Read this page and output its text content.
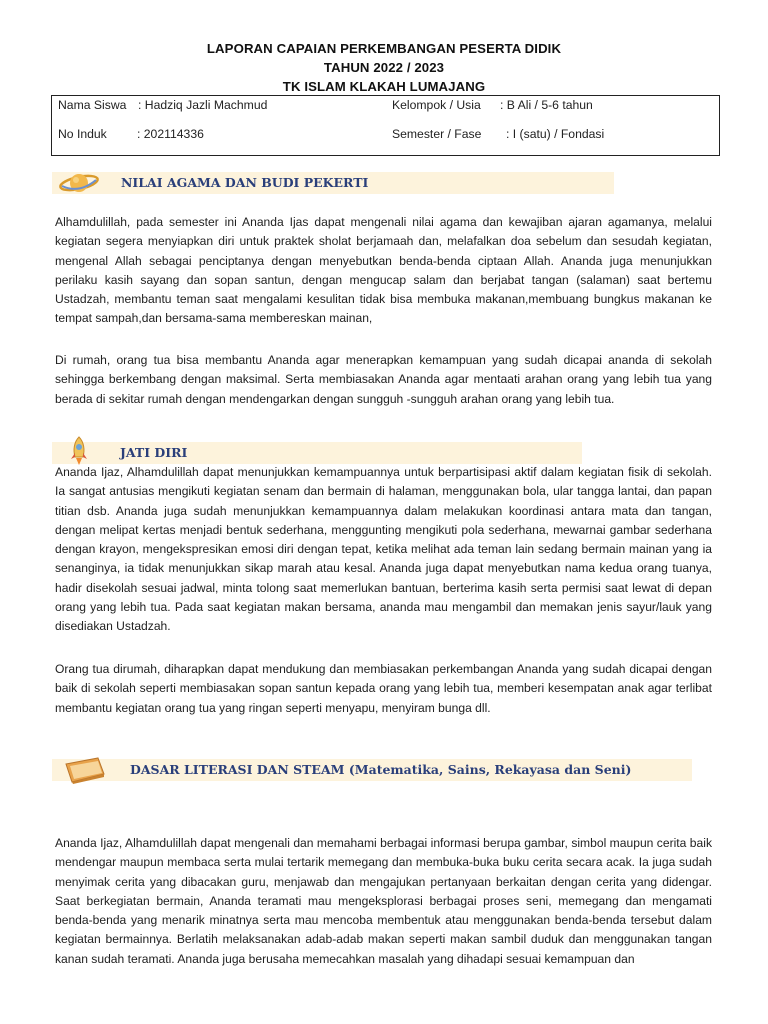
LAPORAN CAPAIAN PERKEMBANGAN PESERTA DIDIK
TAHUN 2022 / 2023
TK ISLAM KLAKAH LUMAJANG
Nama Siswa : Hadziq Jazli Machmud
No Induk : 202114336
Kelompok / Usia : B Ali / 5-6 tahun
Semester / Fase : I (satu) / Fondasi
NILAI AGAMA DAN BUDI PEKERTI

Alhamdulillah, pada semester ini Ananda Ijas dapat mengenali nilai agama dan kewajiban ajaran agamanya, melalui kegiatan segera menyiapkan diri untuk praktek sholat berjamaah dan, melafalkan doa sebelum dan sesudah kegiatan, mengenal Allah sebagai penciptanya dengan menyebutkan benda-benda ciptaan Allah. Ananda juga menunjukkan perilaku kasih sayang dan sopan santun, dengan mengucap salam dan berjabat tangan (salaman) saat bertemu Ustadzah, membantu teman saat mengalami kesulitan tidak bisa membuka makanan,membuang bungkus makanan ke tempat sampah,dan bersama-sama membereskan mainan,

Di rumah, orang tua bisa membantu Ananda agar menerapkan kemampuan yang sudah dicapai ananda di sekolah sehingga berkembang dengan maksimal. Serta membiasakan Ananda agar mentaati arahan orang yang lebih tua yang berada di sekitar rumah dengan mendengarkan dengan sungguh -sungguh arahan orang yang lebih tua.

JATI DIRI

Ananda Ijaz, Alhamdulillah dapat menunjukkan kemampuannya untuk berpartisipasi aktif dalam kegiatan fisik di sekolah. Ia sangat antusias mengikuti kegiatan senam dan bermain di halaman, menggunakan bola, ular tangga lantai, dan papan titian dsb. Ananda juga sudah menunjukkan kemampuannya dalam melakukan koordinasi antara mata dan tangan, dengan melipat kertas menjadi bentuk sederhana, menggunting mengikuti pola sederhana, mewarnai gambar sederhana dengan krayon, mengekspresikan emosi diri dengan tepat, ketika melihat ada teman lain sedang bermain mainan yang ia senanginya, ia tidak menunjukkan sikap marah atau kesal. Ananda juga dapat menyebutkan nama kedua orang tuanya, hadir disekolah sesuai jadwal, minta tolong saat memerlukan bantuan, berterima kasih serta permisi saat lewat di depan orang yang lebih tua. Pada saat kegiatan makan bersama, ananda mau mengambil dan memakan jenis sayur/lauk yang disediakan Ustadzah.

Orang tua dirumah, diharapkan dapat mendukung dan membiasakan perkembangan Ananda yang sudah dicapai dengan baik di sekolah seperti membiasakan sopan santun kepada orang yang lebih tua, memberi kesempatan anak agar terlibat membantu kegiatan orang tua yang ringan seperti menyapu, menyiram bunga dll.

DASAR LITERASI DAN STEAM (Matematika, Sains, Rekayasa dan Seni)

Ananda Ijaz, Alhamdulillah dapat mengenali dan memahami berbagai informasi berupa gambar, simbol maupun cerita baik mendengar maupun membaca serta mulai tertarik memegang dan membuka-buka buku cerita secara acak. Ia juga sudah menyimak cerita yang dibacakan guru, menjawab dan mengajukan pertanyaan berkaitan dengan cerita yang didengar. Saat berkegiatan bermain, Ananda teramati mau mengeksplorasi berbagai proses seni, memegang dan mengamati benda-benda yang menarik minatnya serta mau mencoba membentuk atau menggunakan benda-benda tersebut dalam kegiatan bermainnya. Berlatih melaksanakan adab-adab makan seperti makan sambil duduk dan menggunakan tangan kanan sudah teramati. Ananda juga berusaha memecahkan masalah yang dihadapi sesuai kemampuan dan
